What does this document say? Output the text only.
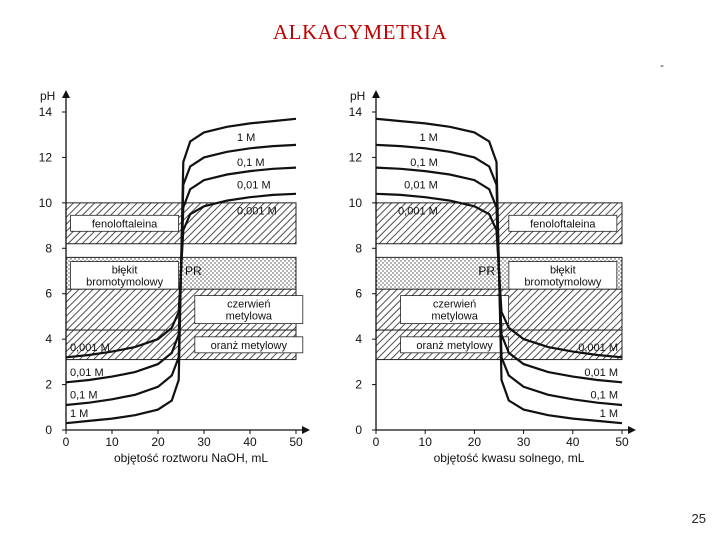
ALKACYMETRIA
-
25
fenoloftaleina
błękit
bromotymolowy
czerwień
metylowa
oranż metylowy
pH
0
2
4
6
8
10
12
14
0	10	20	30	40	50
objętość roztworu NaOH, mL
1 M
1 M
0,1 M
0,1 M
0,01 M
0,01 M
0,001 M
0,001 M
PR
fenoloftaleina
błękit
bromotymolowy
czerwień
metylowa
oranż metylowy
pH
0
2
4
6
8
10
12
14
0	10	20	30	40	50
objętość kwasu solnego, mL
1 M
1 M
0,1 M
0,1 M
0,01 M
0,01 M
0,001 M
0,001 M
PR
